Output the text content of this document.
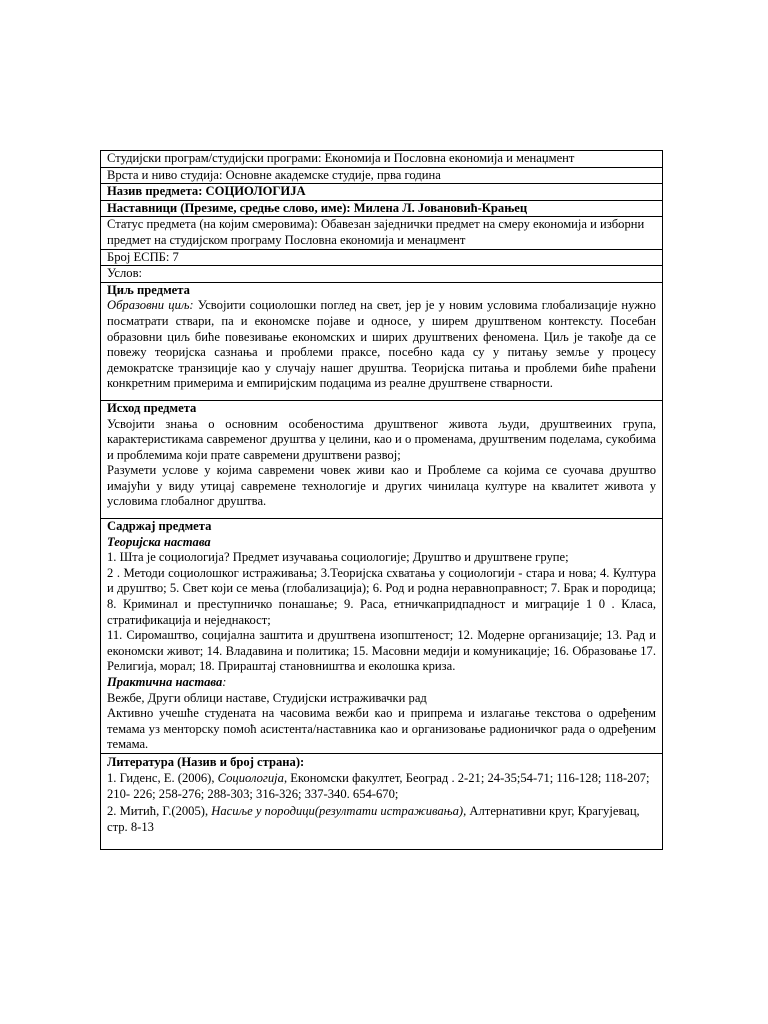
Студијски програм/студијски програми: Економија и Пословна економија и менаџмент
Врста и ниво студија: Основне академске студије, прва година
Назив предмета: СОЦИОЛОГИЈА
Наставници (Презиме, средње слово, име): Милена Л. Јовановић-Крањец
Статус предмета (на којим смеровима): Обавезан заједнички предмет на смеру економија и изборни предмет на студијском програму Пословна економија и менаџмент
Број ЕСПБ: 7
Услов:
Циљ предмета

Образовни циљ: Усвојити социолошки поглед на свет, јер је у новим условима глобализације нужно посматрати ствари, па и економске појаве и односе, у ширем друштвеном контексту. Посебан образовни циљ биће повезивање економских и ширих друштвених феномена. Циљ је такође да се повежу теоријска сазнања и проблеми праксе, посебно када су у питању земље у процесу демократске транзиције као у случају нашег друштва. Теоријска питања и проблеми биће праћени конкретним примерима и емпиријским подацима из реалне друштвене стварности.

Исход предмета

Усвојити знања о основним особеностима друштвеног живота људи, друштвеиних група, карактеристикама савременог друштва у целини, као и о променама, друштвеним поделама, сукобима и проблемима који прате савремени друштвени развој;

Разумети услове у којима савремени човек живи као и Проблеме са којима се суочава друштво имајући у виду утицај савремене технологије и других чинилаца културе на квалитет живота у условима глобалног друштва.

Садржај предмета
Теоријска настава

1. Шта је социологија? Предмет изучавања социологије; Друштво и друштвене групе;

2 . Методи социолошког истраживања; 3.Теоријска схватања у социологији - стара и нова; 4. Култура и друштво; 5. Свет који се мења (глобализација); 6. Род и родна неравноправност; 7. Брак и породица; 8. Криминал и преступничко понашање; 9. Раса, етничкапридпадност и миграције 1 0 . Класа, стратификација и неједнакост;

11. Сиромаштво, социјална заштита и друштвена изопштеност; 12. Модерне организације; 13. Рад и економски живот; 14. Владавина и политика; 15. Масовни медији и комуникације; 16. Образовање 17. Религија, морал; 18. Прираштај становништва и еколошка криза.

Практична настава:

Вежбе, Други облици наставе, Студијски истраживачки рад

Активно учешће студената на часовима вежби као и припрема и излагање текстова о одређеним темама уз менторску помоћ асистента/наставника као и организовање радионичког рада о одређеним темама.

Литература (Назив и број страна):

1. Гиденс, Е. (2006), Социологија, Економски факултет, Београд . 2-21; 24-35;54-71; 116-128; 118-207; 210- 226; 258-276; 288-303; 316-326; 337-340. 654-670;

2. Митић, Г.(2005), Насиље у породици(резултати истраживања), Алтернативни круг, Крагујевац, стр. 8-13
